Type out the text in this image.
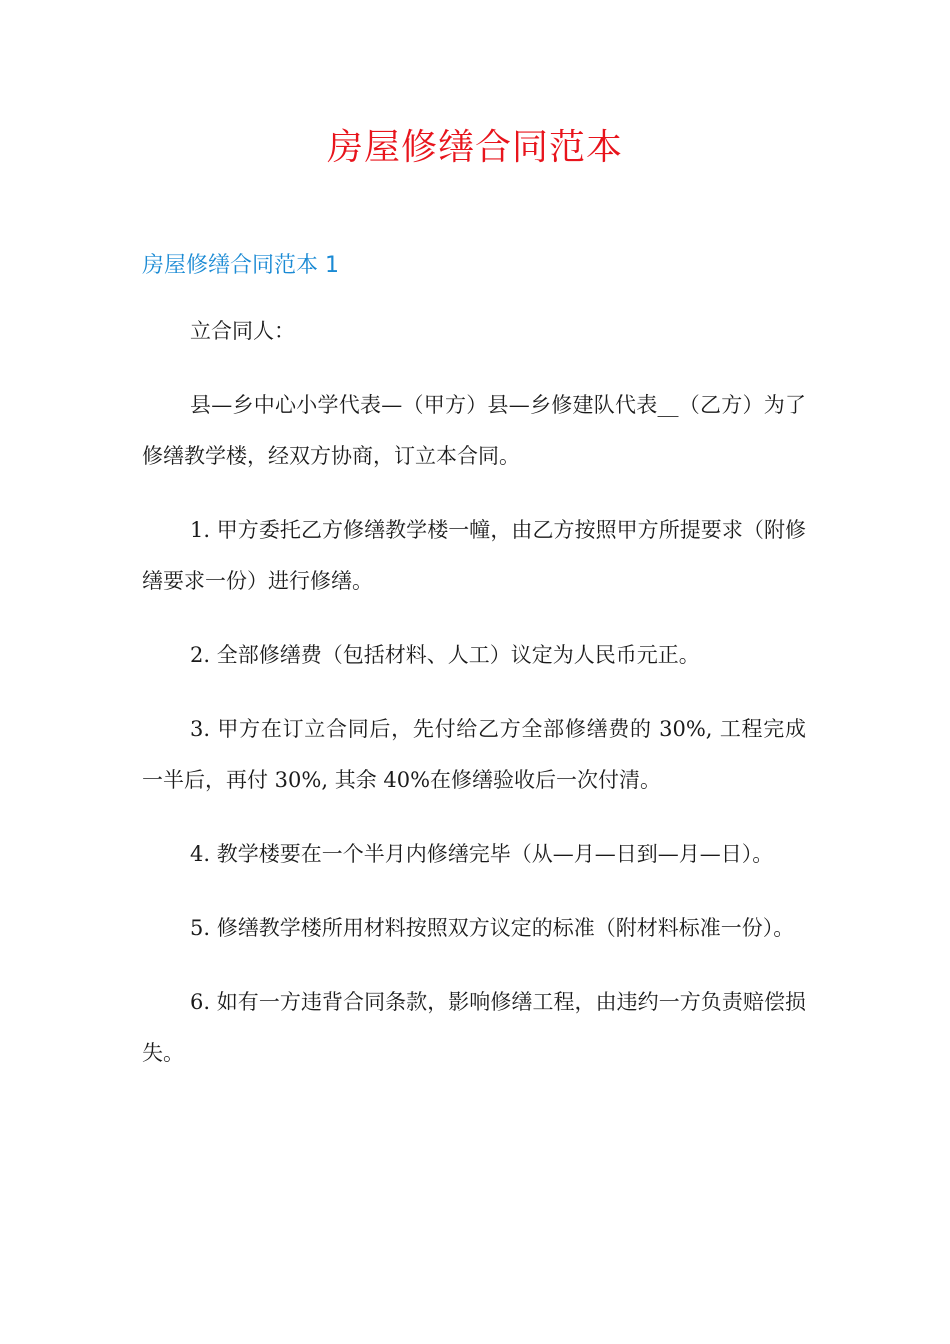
房屋修缮合同范本
房屋修缮合同范本 1

立合同人：

县—乡中心小学代表—（甲方）县—乡修建队代表__（乙方）为了修缮教学楼，经双方协商，订立本合同。

1. 甲方委托乙方修缮教学楼一幢，由乙方按照甲方所提要求（附修缮要求一份）进行修缮。

2. 全部修缮费（包括材料、人工）议定为人民币元正。

3. 甲方在订立合同后，先付给乙方全部修缮费的 30%, 工程完成一半后，再付 30%, 其余 40%在修缮验收后一次付清。

4. 教学楼要在一个半月内修缮完毕（从—月—日到—月—日）。

5. 修缮教学楼所用材料按照双方议定的标准（附材料标准一份）。

6. 如有一方违背合同条款，影响修缮工程，由违约一方负责赔偿损失。
